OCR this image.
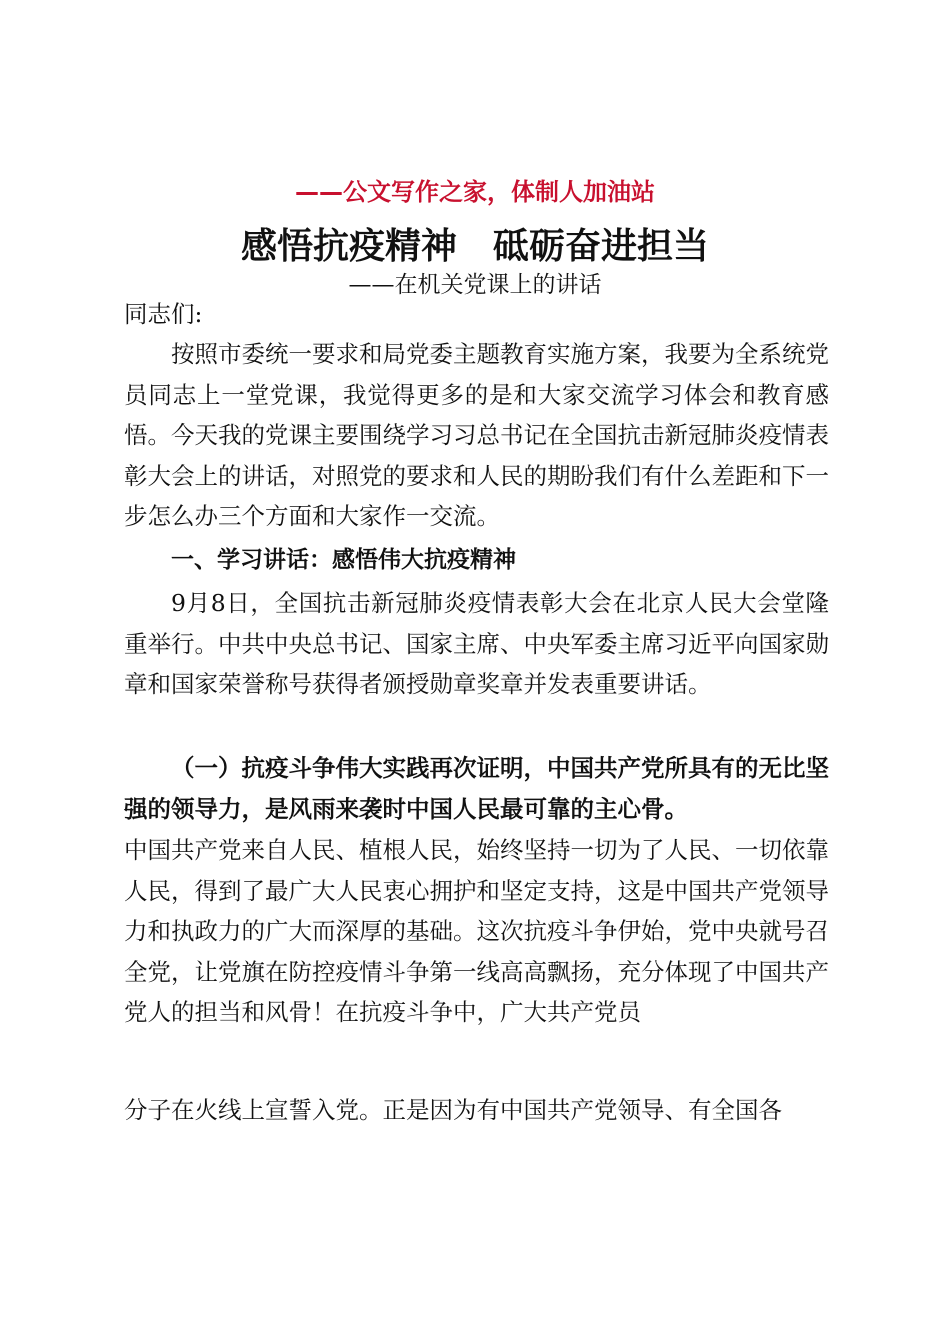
——公文写作之家，体制人加油站
感悟抗疫精神　砥砺奋进担当
——在机关党课上的讲话
同志们:
按照市委统一要求和局党委主题教育实施方案，我要为全系统党员同志上一堂党课，我觉得更多的是和大家交流学习体会和教育感悟。今天我的党课主要围绕学习习总书记在全国抗击新冠肺炎疫情表彰大会上的讲话，对照党的要求和人民的期盼我们有什么差距和下一步怎么办三个方面和大家作一交流。
一、学习讲话：感悟伟大抗疫精神
9月8日，全国抗击新冠肺炎疫情表彰大会在北京人民大会堂隆重举行。中共中央总书记、国家主席、中央军委主席习近平向国家勋章和国家荣誉称号获得者颁授勋章奖章并发表重要讲话。
（一）抗疫斗争伟大实践再次证明，中国共产党所具有的无比坚强的领导力，是风雨来袭时中国人民最可靠的主心骨。
中国共产党来自人民、植根人民，始终坚持一切为了人民、一切依靠人民，得到了最广大人民衷心拥护和坚定支持，这是中国共产党领导力和执政力的广大而深厚的基础。这次抗疫斗争伊始，党中央就号召全党，让党旗在防控疫情斗争第一线高高飘扬，充分体现了中国共产党人的担当和风骨！在抗疫斗争中，广大共产党员
分子在火线上宣誓入党。正是因为有中国共产党领导、有全国各
